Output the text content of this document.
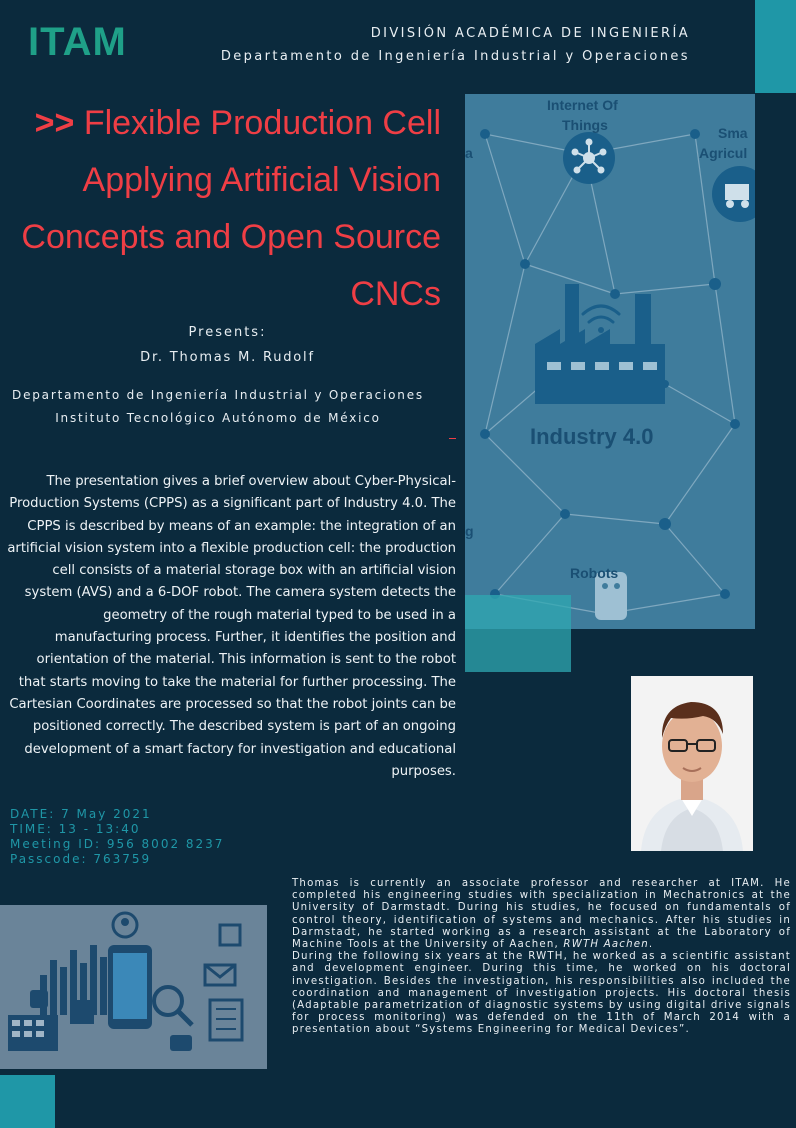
ITAM	DIVISIÓN ACADÉMICA DE INGENIERÍA
Departamento de Ingeniería Industrial y Operaciones
Internet Of
Things	Sma
Agricul
a
Industry 4.0
g
Robots
>> Flexible Production Cell Applying Artificial Vision Concepts and Open Source CNCs
Presents:
Dr. Thomas M. Rudolf
Departamento de Ingeniería Industrial y Operaciones
Instituto Tecnológico Autónomo de México
The presentation gives a brief overview about Cyber-Physical-Production Systems (CPPS) as a significant part of Industry 4.0. The CPPS is described by means of an example: the integration of an artificial vision system into a flexible production cell: the production cell consists of a material storage box with an artificial vision system (AVS) and a 6-DOF robot. The camera system detects the geometry of the rough material typed to be used in a manufacturing process. Further, it identifies the position and orientation of the material. This information is sent to the robot that starts moving to take the material for further processing. The Cartesian Coordinates are processed so that the robot joints can be positioned correctly. The described system is part of an ongoing development of a smart factory for investigation and educational purposes.
DATE: 7 May 2021
TIME: 13 - 13:40
Meeting ID: 956 8002 8237
Passcode: 763759

Thomas is currently an associate professor and researcher at ITAM. He completed his engineering studies with specialization in Mechatronics at the University of Darmstadt. During his studies, he focused on fundamentals of control theory, identification of systems and mechanics. After his studies in Darmstadt, he started working as a research assistant at the Laboratory of Machine Tools at the University of Aachen, RWTH Aachen.

During the following six years at the RWTH, he worked as a scientific assistant and development engineer. During this time, he worked on his doctoral investigation. Besides the investigation, his responsibilities also included the coordination and management of investigation projects. His doctoral thesis (Adaptable parametrization of diagnostic systems by using digital drive signals for process monitoring) was defended on the 11th of March 2014 with a presentation about “Systems Engineering for Medical Devices”.
